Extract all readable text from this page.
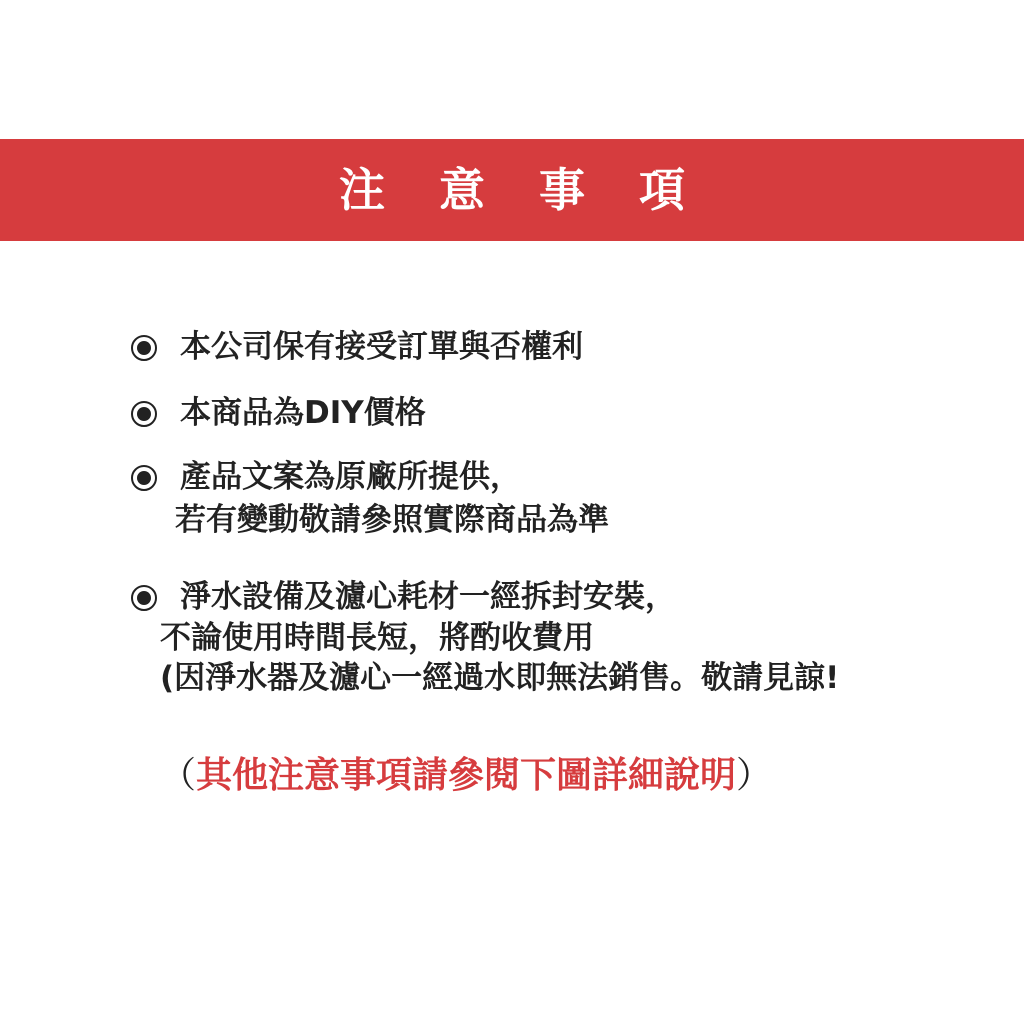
注意事項
本公司保有接受訂單與否權利
本商品為DIY價格
產品文案為原廠所提供，
若有變動敬請參照實際商品為準
淨水設備及濾心耗材一經拆封安裝，
不論使用時間長短，將酌收費用
(因淨水器及濾心一經過水即無法銷售。敬請見諒!
（其他注意事項請參閱下圖詳細說明）
